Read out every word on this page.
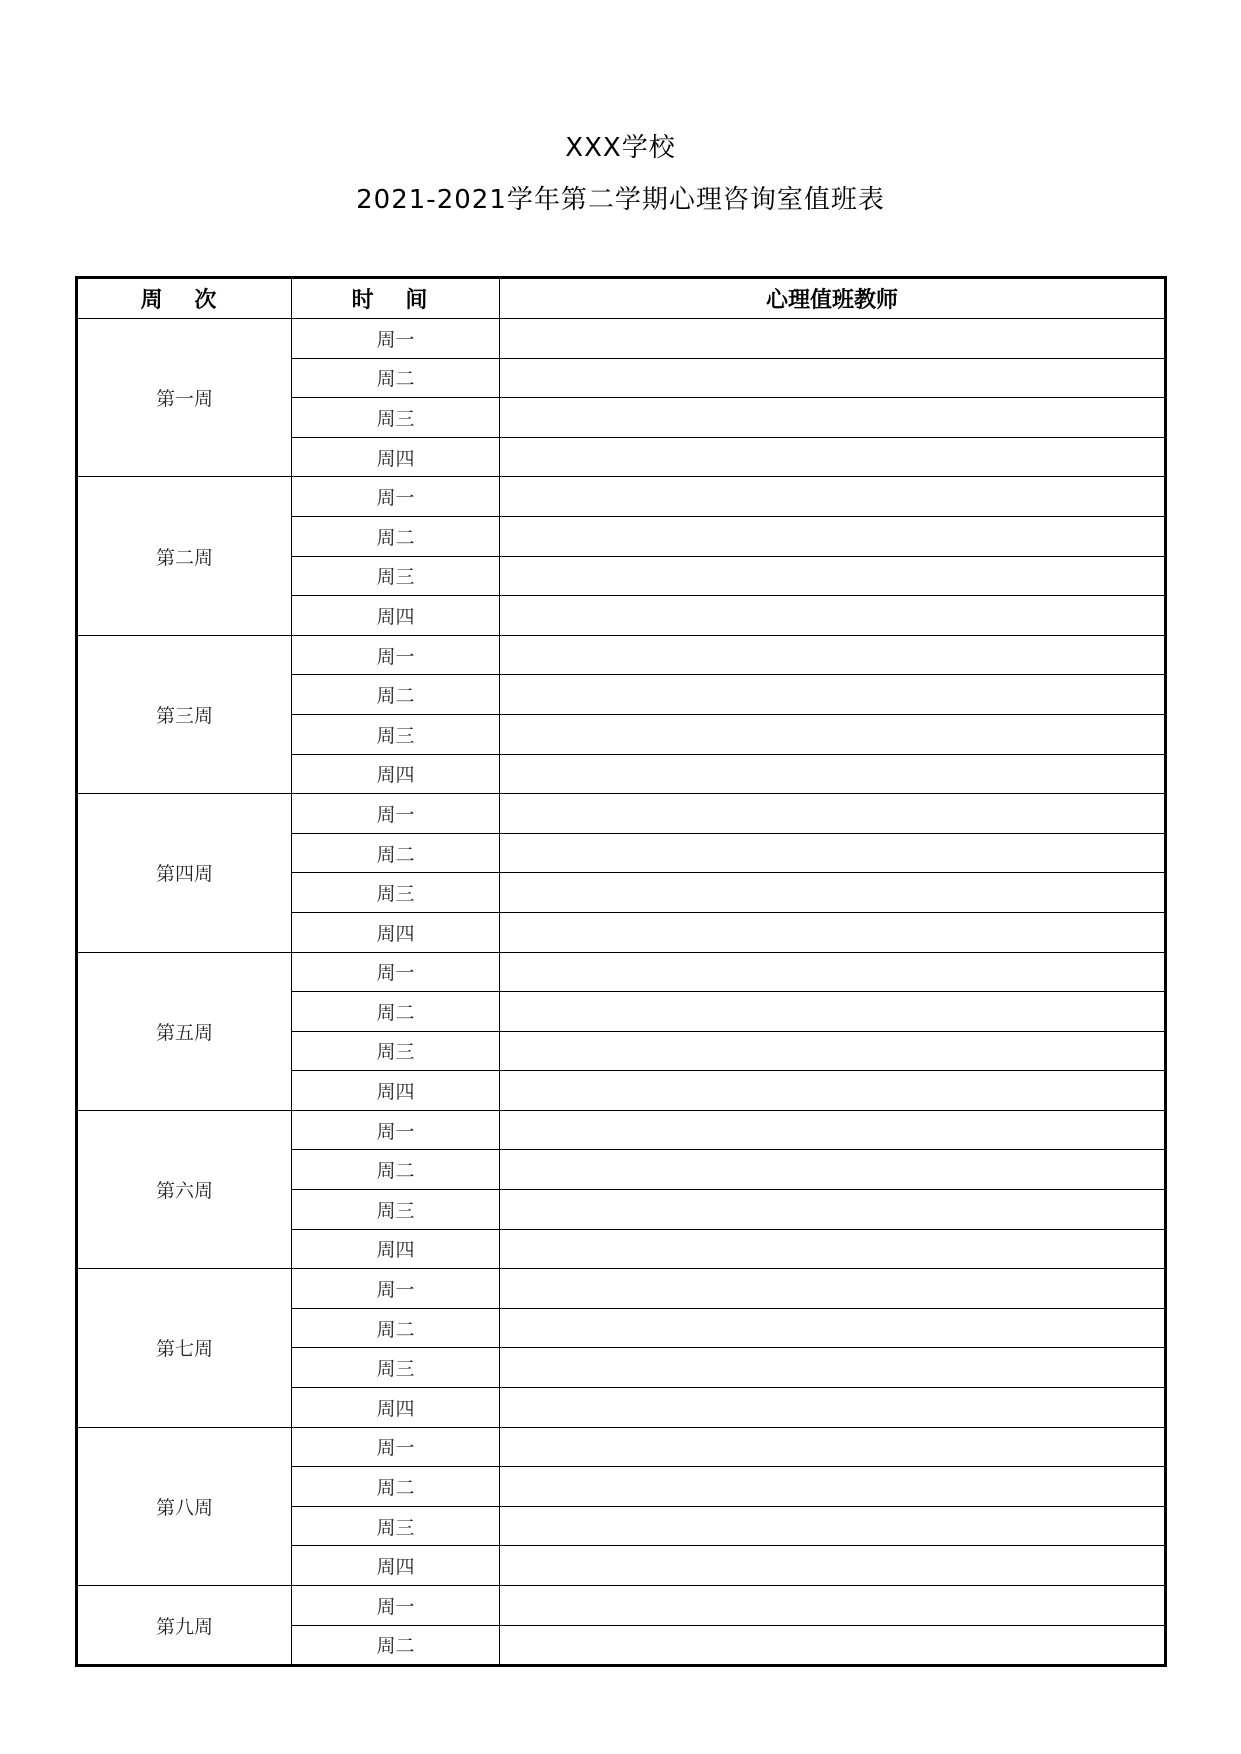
XXX学校
2021-2021学年第二学期心理咨询室值班表
周 次	时 间	心理值班教师
第一周	周一	
	周二	
	周三	
	周四	
第二周	周一	
	周二	
	周三	
	周四	
第三周	周一	
	周二	
	周三	
	周四	
第四周	周一	
	周二	
	周三	
	周四	
第五周	周一	
	周二	
	周三	
	周四	
第六周	周一	
	周二	
	周三	
	周四	
第七周	周一	
	周二	
	周三	
	周四	
第八周	周一	
	周二	
	周三	
	周四	
第九周	周一	
	周二	
